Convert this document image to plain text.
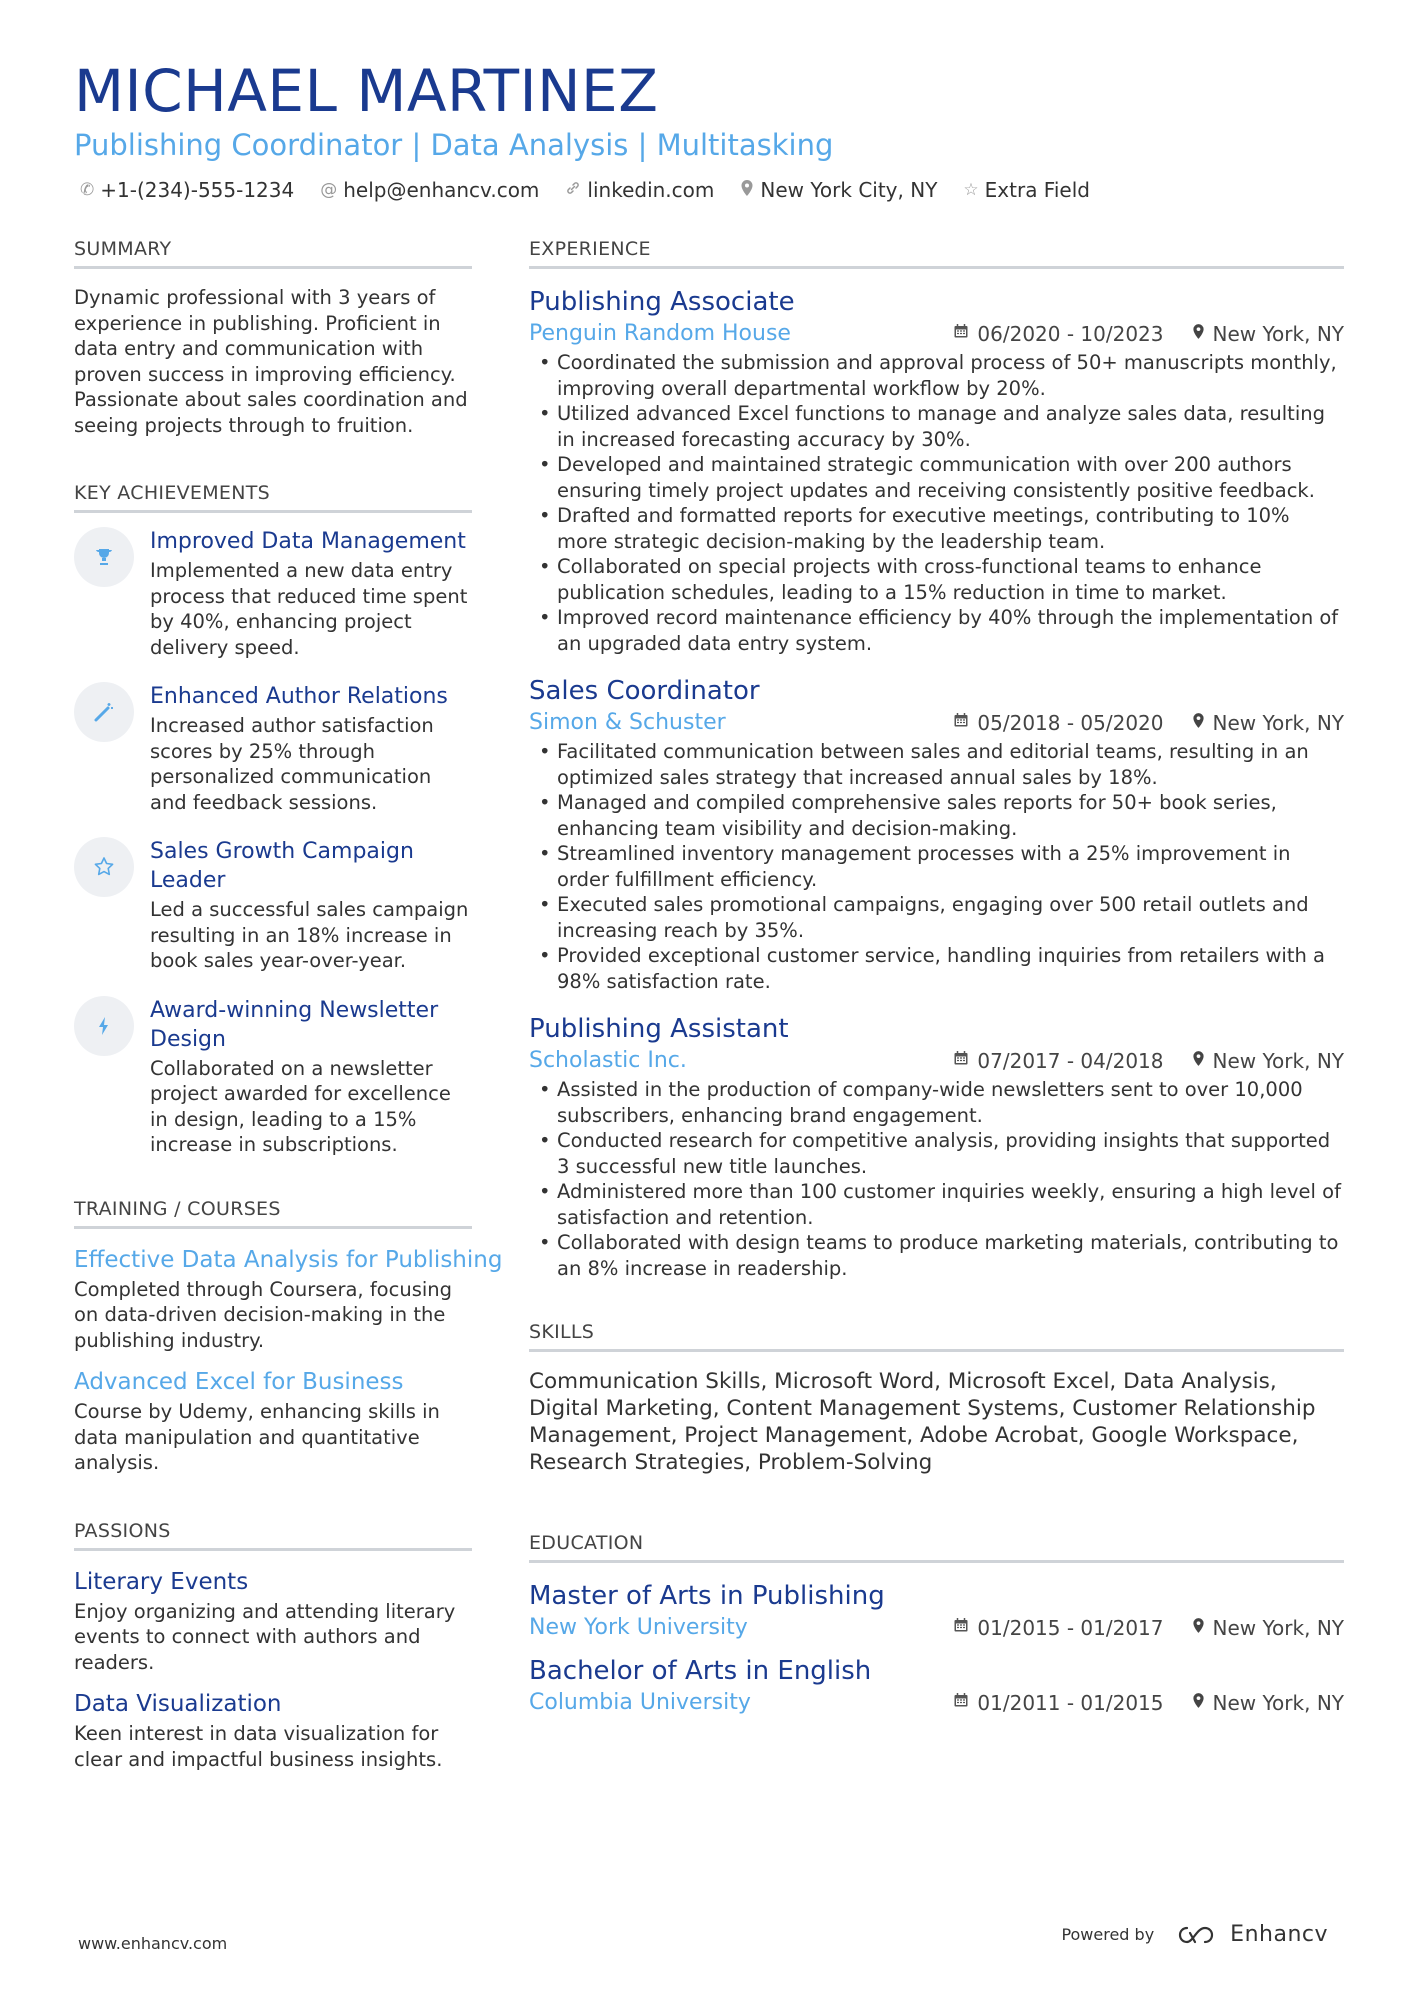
MICHAEL MARTINEZ
Publishing Coordinator | Data Analysis | Multitasking
✆ +1-(234)-555-1234 @ help@enhancv.com linkedin.com New York City, NY ☆ Extra Field
SUMMARY
Dynamic professional with 3 years of experience in publishing. Proficient in data entry and communication with proven success in improving efficiency. Passionate about sales coordination and seeing projects through to fruition.
KEY ACHIEVEMENTS
Improved Data Management
Implemented a new data entry process that reduced time spent by 40%, enhancing project delivery speed.
Enhanced Author Relations
Increased author satisfaction scores by 25% through personalized communication and feedback sessions.
Sales Growth Campaign Leader
Led a successful sales campaign resulting in an 18% increase in book sales year-over-year.
Award-winning Newsletter Design
Collaborated on a newsletter project awarded for excellence in design, leading to a 15% increase in subscriptions.
TRAINING / COURSES
Effective Data Analysis for Publishing
Completed through Coursera, focusing on data-driven decision-making in the publishing industry.
Advanced Excel for Business
Course by Udemy, enhancing skills in data manipulation and quantitative analysis.
PASSIONS
Literary Events
Enjoy organizing and attending literary events to connect with authors and readers.
Data Visualization
Keen interest in data visualization for clear and impactful business insights.
EXPERIENCE
Publishing Associate
Penguin Random House	06/2020 - 10/2023 New York, NY
• Coordinated the submission and approval process of 50+ manuscripts monthly, improving overall departmental workflow by 20%.
• Utilized advanced Excel functions to manage and analyze sales data, resulting in increased forecasting accuracy by 30%.
• Developed and maintained strategic communication with over 200 authors ensuring timely project updates and receiving consistently positive feedback.
• Drafted and formatted reports for executive meetings, contributing to 10% more strategic decision-making by the leadership team.
• Collaborated on special projects with cross-functional teams to enhance publication schedules, leading to a 15% reduction in time to market.
• Improved record maintenance efficiency by 40% through the implementation of an upgraded data entry system.
Sales Coordinator
Simon & Schuster	05/2018 - 05/2020 New York, NY
• Facilitated communication between sales and editorial teams, resulting in an optimized sales strategy that increased annual sales by 18%.
• Managed and compiled comprehensive sales reports for 50+ book series, enhancing team visibility and decision-making.
• Streamlined inventory management processes with a 25% improvement in order fulfillment efficiency.
• Executed sales promotional campaigns, engaging over 500 retail outlets and increasing reach by 35%.
• Provided exceptional customer service, handling inquiries from retailers with a 98% satisfaction rate.
Publishing Assistant
Scholastic Inc.	07/2017 - 04/2018 New York, NY
• Assisted in the production of company-wide newsletters sent to over 10,000 subscribers, enhancing brand engagement.
• Conducted research for competitive analysis, providing insights that supported 3 successful new title launches.
• Administered more than 100 customer inquiries weekly, ensuring a high level of satisfaction and retention.
• Collaborated with design teams to produce marketing materials, contributing to an 8% increase in readership.
SKILLS
Communication Skills, Microsoft Word, Microsoft Excel, Data Analysis, Digital Marketing, Content Management Systems, Customer Relationship Management, Project Management, Adobe Acrobat, Google Workspace, Research Strategies, Problem-Solving
EDUCATION
Master of Arts in Publishing
New York University	01/2015 - 01/2017 New York, NY
Bachelor of Arts in English
Columbia University	01/2011 - 01/2015 New York, NY
www.enhancv.com	Powered by	Enhancv
